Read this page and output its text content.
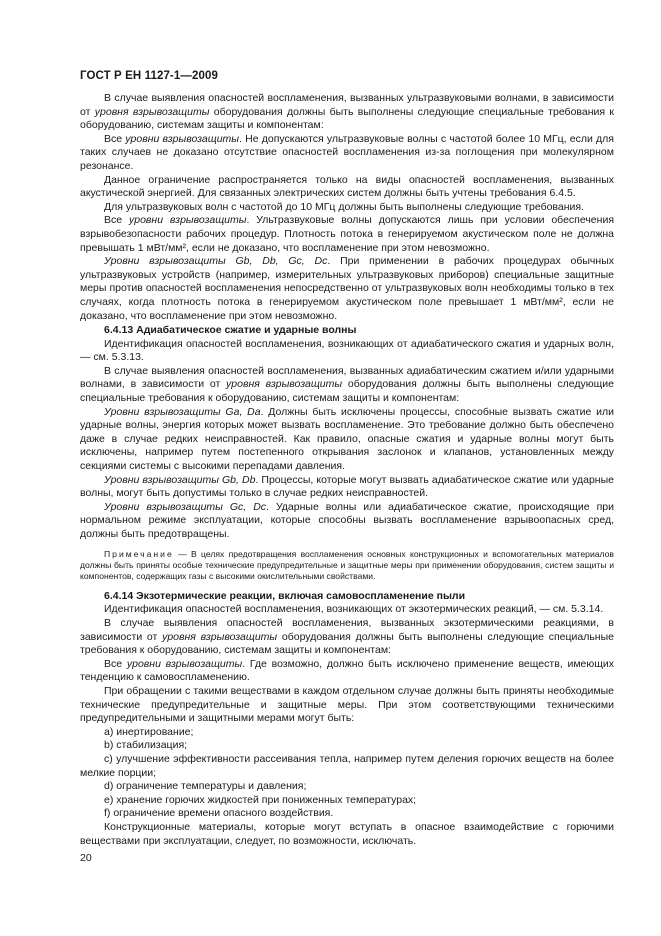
ГОСТ Р ЕН 1127-1—2009

В случае выявления опасностей воспламенения, вызванных ультразвуковыми волнами, в зависимости от уровня взрывозащиты оборудования должны быть выполнены следующие специальные требования к оборудованию, системам защиты и компонентам:

Все уровни взрывозащиты. Не допускаются ультразвуковые волны с частотой более 10 МГц, если для таких случаев не доказано отсутствие опасностей воспламенения из-за поглощения при молекулярном резонансе.

Данное ограничение распространяется только на виды опасностей воспламенения, вызванных акустической энергией. Для связанных электрических систем должны быть учтены требования 6.4.5.

Для ультразвуковых волн с частотой до 10 МГц должны быть выполнены следующие требования.

Все уровни взрывозащиты. Ультразвуковые волны допускаются лишь при условии обеспечения взрывобезопасности рабочих процедур. Плотность потока в генерируемом акустическом поле не должна превышать 1 мВт/мм², если не доказано, что воспламенение при этом невозможно.

Уровни взрывозащиты Gb, Db, Gc, Dc. При применении в рабочих процедурах обычных ультразвуковых устройств (например, измерительных ультразвуковых приборов) специальные защитные меры против опасностей воспламенения непосредственно от ультразвуковых волн необходимы только в тех случаях, когда плотность потока в генерируемом акустическом поле превышает 1 мВт/мм², если не доказано, что воспламенение при этом невозможно.

6.4.13 Адиабатическое сжатие и ударные волны

Идентификация опасностей воспламенения, возникающих от адиабатического сжатия и ударных волн, — см. 5.3.13.

В случае выявления опасностей воспламенения, вызванных адиабатическим сжатием и/или ударными волнами, в зависимости от уровня взрывозащиты оборудования должны быть выполнены следующие специальные требования к оборудованию, системам защиты и компонентам:

Уровни взрывозащиты Ga, Da. Должны быть исключены процессы, способные вызвать сжатие или ударные волны, энергия которых может вызвать воспламенение. Это требование должно быть обеспечено даже в случае редких неисправностей. Как правило, опасные сжатия и ударные волны могут быть исключены, например путем постепенного открывания заслонок и клапанов, установленных между секциями системы с высокими перепадами давления.

Уровни взрывозащиты Gb, Db. Процессы, которые могут вызвать адиабатическое сжатие или ударные волны, могут быть допустимы только в случае редких неисправностей.

Уровни взрывозащиты Gc, Dc. Ударные волны или адиабатическое сжатие, происходящие при нормальном режиме эксплуатации, которые способны вызвать воспламенение взрывоопасных сред, должны быть предотвращены.

Примечание — В целях предотвращения воспламенения основных конструкционных и вспомогательных материалов должны быть приняты особые технические предупредительные и защитные меры при применении оборудования, систем защиты и компонентов, содержащих газы с высокими окислительными свойствами.

6.4.14 Экзотермические реакции, включая самовоспламенение пыли

Идентификация опасностей воспламенения, возникающих от экзотермических реакций, — см. 5.3.14.

В случае выявления опасностей воспламенения, вызванных экзотермическими реакциями, в зависимости от уровня взрывозащиты оборудования должны быть выполнены следующие специальные требования к оборудованию, системам защиты и компонентам:

Все уровни взрывозащиты. Где возможно, должно быть исключено применение веществ, имеющих тенденцию к самовоспламенению.

При обращении с такими веществами в каждом отдельном случае должны быть приняты необходимые технические предупредительные и защитные меры. При этом соответствующими техническими предупредительными и защитными мерами могут быть:

a) инертирование;

b) стабилизация;

c) улучшение эффективности рассеивания тепла, например путем деления горючих веществ на более мелкие порции;

d) ограничение температуры и давления;

e) хранение горючих жидкостей при пониженных температурах;

f) ограничение времени опасного воздействия.

Конструкционные материалы, которые могут вступать в опасное взаимодействие с горючими веществами при эксплуатации, следует, по возможности, исключать.

20
